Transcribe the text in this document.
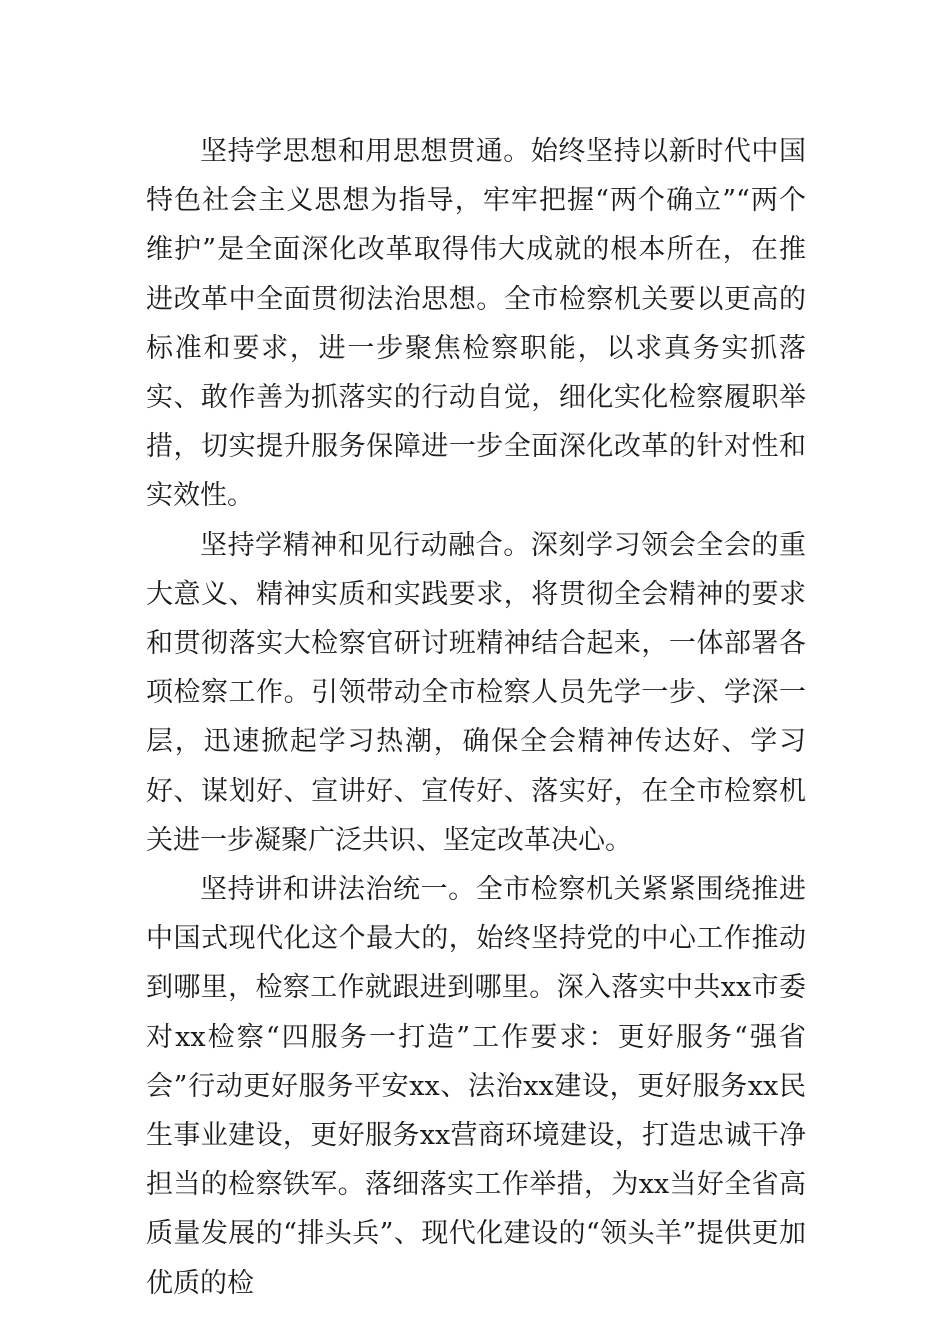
坚持学思想和用思想贯通。始终坚持以新时代中国特色社会主义思想为指导，牢牢把握“两个确立”“两个维护”是全面深化改革取得伟大成就的根本所在，在推进改革中全面贯彻法治思想。全市检察机关要以更高的标准和要求，进一步聚焦检察职能，以求真务实抓落实、敢作善为抓落实的行动自觉，细化实化检察履职举措，切实提升服务保障进一步全面深化改革的针对性和实效性。

坚持学精神和见行动融合。深刻学习领会全会的重大意义、精神实质和实践要求，将贯彻全会精神的要求和贯彻落实大检察官研讨班精神结合起来，一体部署各项检察工作。引领带动全市检察人员先学一步、学深一层，迅速掀起学习热潮，确保全会精神传达好、学习好、谋划好、宣讲好、宣传好、落实好，在全市检察机关进一步凝聚广泛共识、坚定改革决心。

坚持讲和讲法治统一。全市检察机关紧紧围绕推进中国式现代化这个最大的，始终坚持党的中心工作推动到哪里，检察工作就跟进到哪里。深入落实中共xx市委对xx检察“四服务一打造”工作要求：更好服务“强省会”行动更好服务平安xx、法治xx建设，更好服务xx民生事业建设，更好服务xx营商环境建设，打造忠诚干净担当的检察铁军。落细落实工作举措，为xx当好全省高质量发展的“排头兵”、现代化建设的“领头羊”提供更加优质的检
